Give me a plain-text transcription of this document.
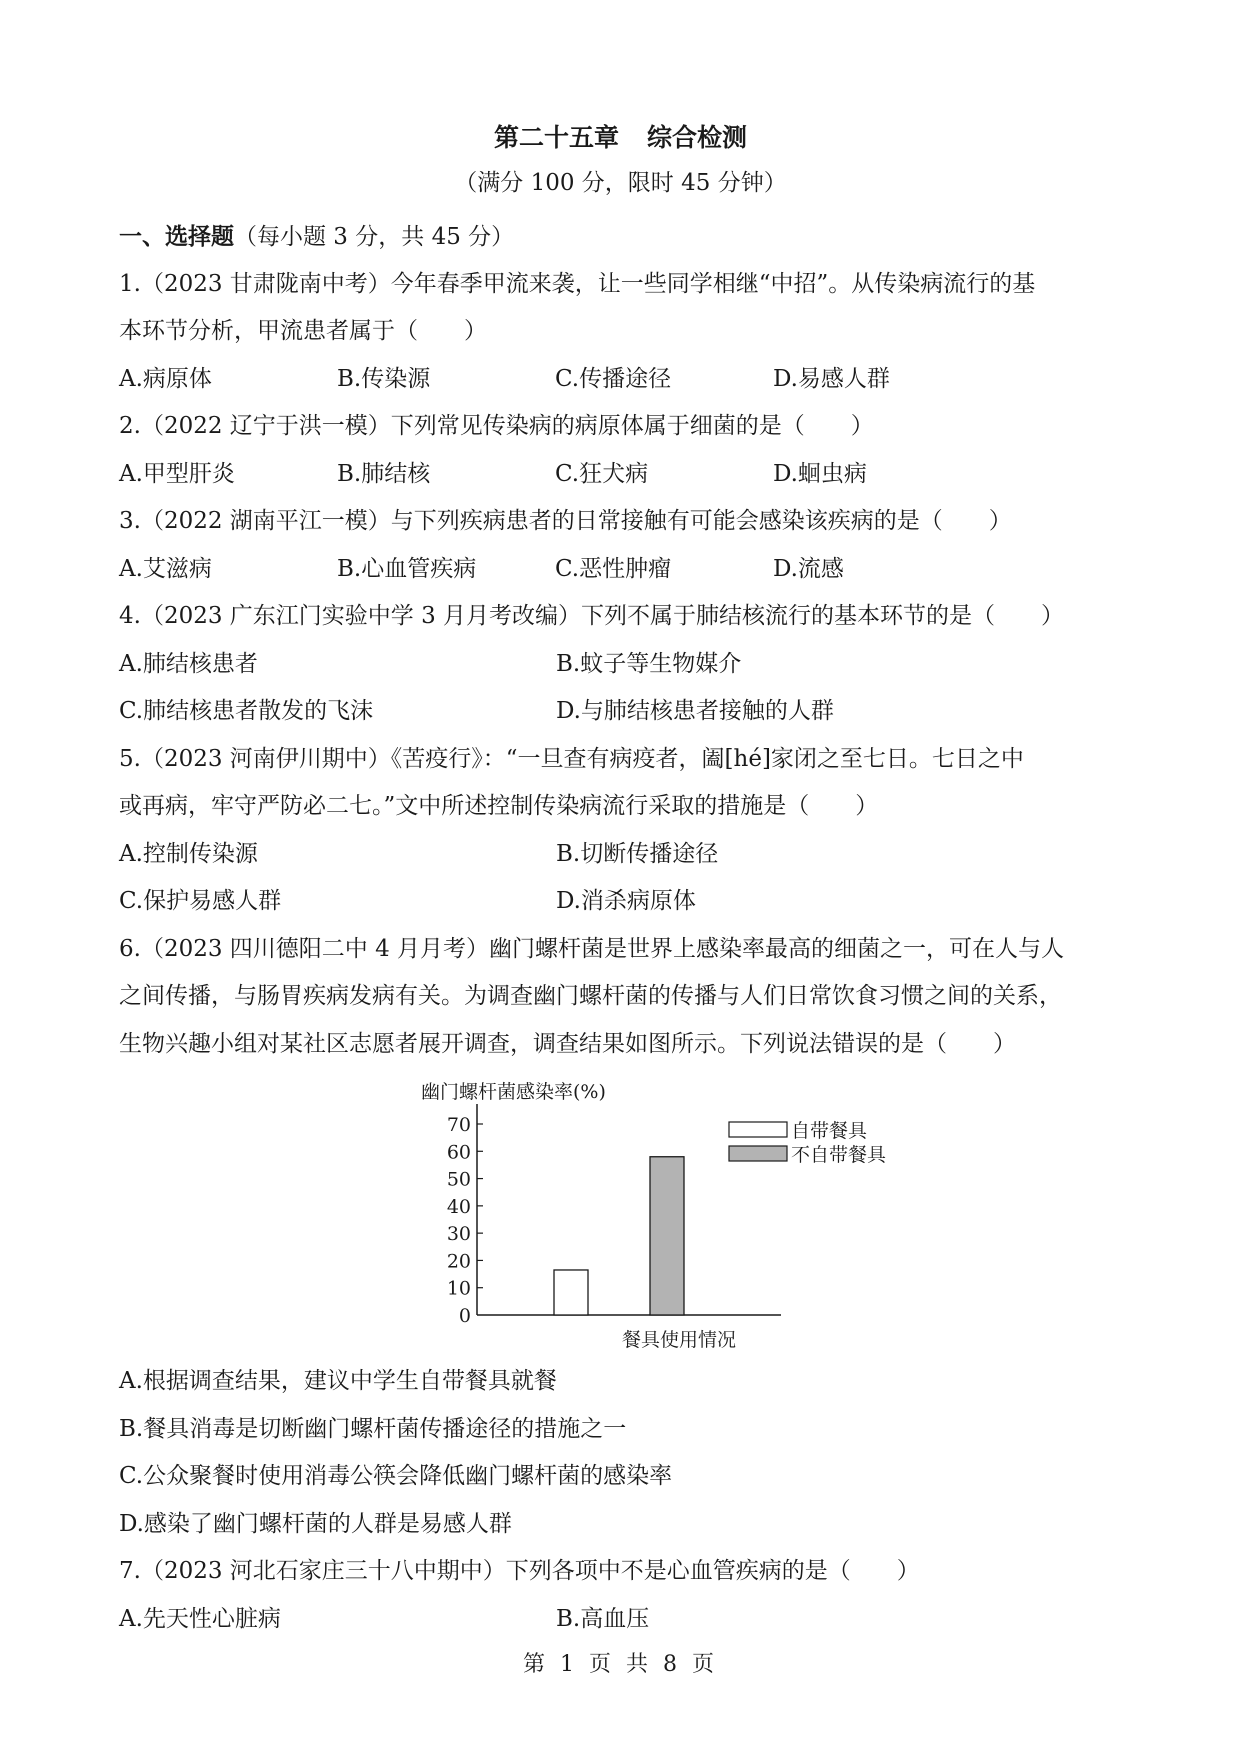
第二十五章 综合检测
（满分 100 分，限时 45 分钟）
一、选择题（每小题 3 分，共 45 分）
1.（2023 甘肃陇南中考）今年春季甲流来袭，让一些同学相继“中招”。从传染病流行的基
本环节分析，甲流患者属于（　　）
A.病原体	B.传染源	C.传播途径	D.易感人群
2.（2022 辽宁于洪一模）下列常见传染病的病原体属于细菌的是（　　）
A.甲型肝炎	B.肺结核	C.狂犬病	D.蛔虫病
3.（2022 湖南平江一模）与下列疾病患者的日常接触有可能会感染该疾病的是（　　）
A.艾滋病	B.心血管疾病	C.恶性肿瘤	D.流感
4.（2023 广东江门实验中学 3 月月考改编）下列不属于肺结核流行的基本环节的是（　　）
A.肺结核患者	B.蚊子等生物媒介
C.肺结核患者散发的飞沫	D.与肺结核患者接触的人群
5.（2023 河南伊川期中）《苦疫行》：“一旦查有病疫者，阖[hé]家闭之至七日。七日之中
或再病，牢守严防必二七。”文中所述控制传染病流行采取的措施是（　　）
A.控制传染源	B.切断传播途径
C.保护易感人群	D.消杀病原体
6.（2023 四川德阳二中 4 月月考）幽门螺杆菌是世界上感染率最高的细菌之一，可在人与人
之间传播，与肠胃疾病发病有关。为调查幽门螺杆菌的传播与人们日常饮食习惯之间的关系，
生物兴趣小组对某社区志愿者展开调查，调查结果如图所示。下列说法错误的是（　　）
幽门螺杆菌感染率(%)
0
10
20
30
40
50
60
70	自带餐具
不自带餐具
餐具使用情况
A.根据调查结果，建议中学生自带餐具就餐
B.餐具消毒是切断幽门螺杆菌传播途径的措施之一
C.公众聚餐时使用消毒公筷会降低幽门螺杆菌的感染率
D.感染了幽门螺杆菌的人群是易感人群
7.（2023 河北石家庄三十八中期中）下列各项中不是心血管疾病的是（　　）
A.先天性心脏病	B.高血压
第 1 页 共 8 页
